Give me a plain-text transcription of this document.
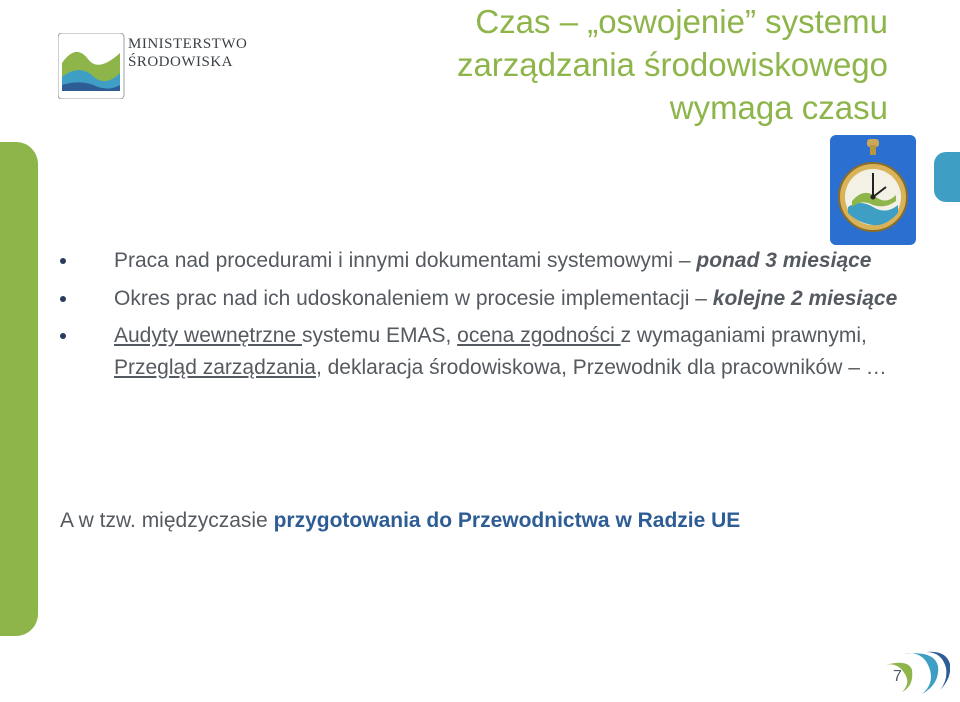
MINISTERSTWO
ŚRODOWISKA
Czas – „oswojenie” systemu
zarządzania środowiskowego
wymaga czasu
Praca nad procedurami i innymi dokumentami systemowymi – ponad 3 miesiące
Okres prac nad ich udoskonaleniem w procesie implementacji – kolejne 2 miesiące
Audyty wewnętrzne systemu EMAS, ocena zgodności z wymaganiami prawnymi, Przegląd zarządzania, deklaracja środowiskowa, Przewodnik dla pracowników – …
A w tzw. międzyczasie przygotowania do Przewodnictwa w Radzie UE
7
